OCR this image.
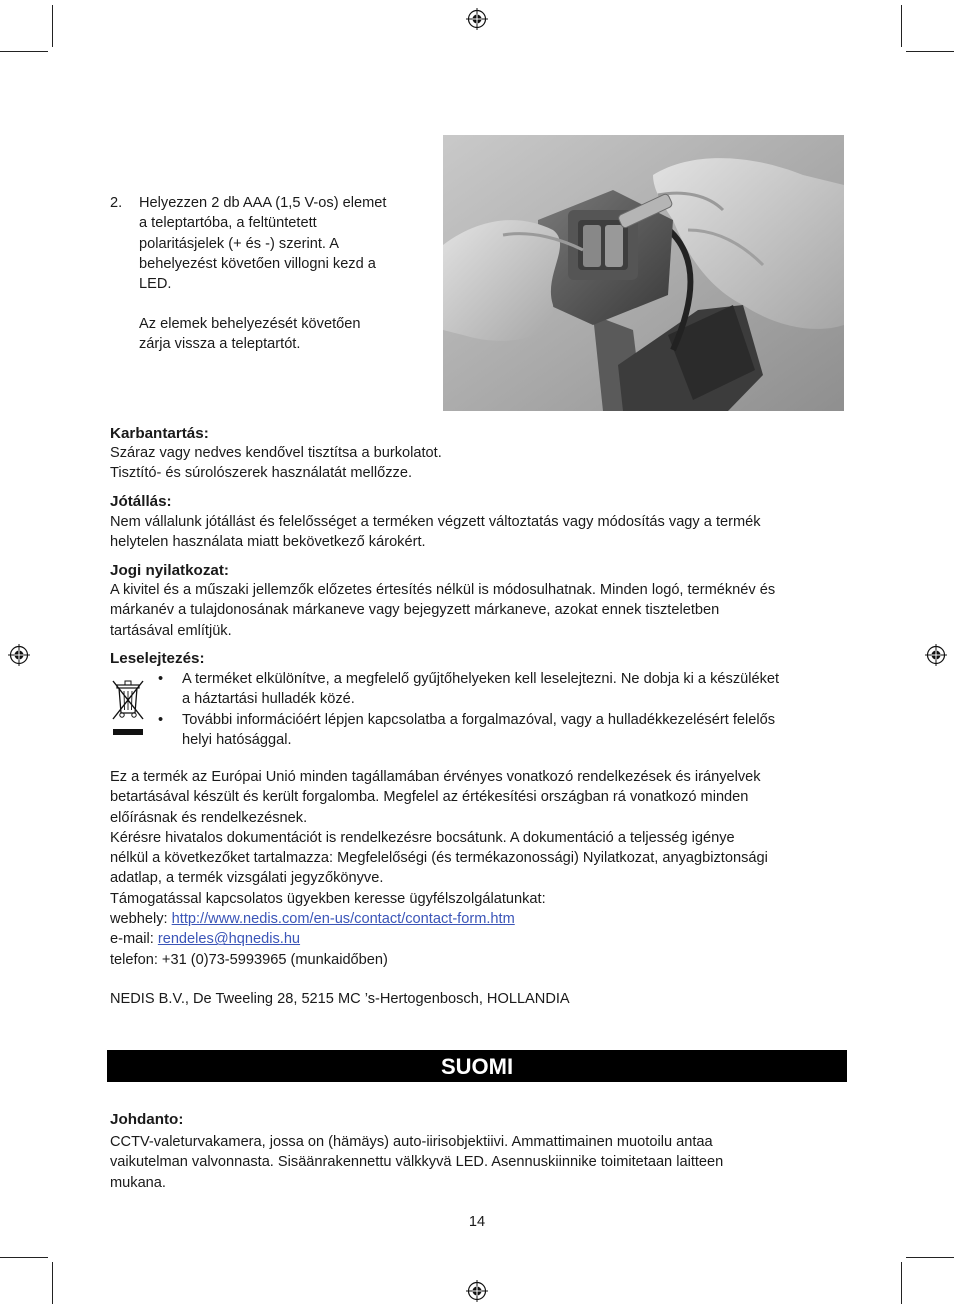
2. Helyezzen 2 db AAA (1,5 V-os) elemet
a teleptartóba, a feltüntetett
polaritásjelek (+ és -) szerint. A
behelyezést követően villogni kezd a
LED.
Az elemek behelyezését követően
zárja vissza a teleptartót.
Karbantartás:
Száraz vagy nedves kendővel tisztítsa a burkolatot.
Tisztító- és súrolószerek használatát mellőzze.
Jótállás:
Nem vállalunk jótállást és felelősséget a terméken végzett változtatás vagy módosítás vagy a termék
helytelen használata miatt bekövetkező károkért.
Jogi nyilatkozat:
A kivitel és a műszaki jellemzők előzetes értesítés nélkül is módosulhatnak. Minden logó, terméknév és
márkanév a tulajdonosának márkaneve vagy bejegyzett márkaneve, azokat ennek tiszteletben
tartásával említjük.
Leselejtezés:
• A terméket elkülönítve, a megfelelő gyűjtőhelyeken kell leselejtezni. Ne dobja ki a készüléket
a háztartási hulladék közé.
• További információért lépjen kapcsolatba a forgalmazóval, vagy a hulladékkezelésért felelős
helyi hatósággal.
Ez a termék az Európai Unió minden tagállamában érvényes vonatkozó rendelkezések és irányelvek
betartásával készült és került forgalomba. Megfelel az értékesítési országban rá vonatkozó minden
előírásnak és rendelkezésnek.
Kérésre hivatalos dokumentációt is rendelkezésre bocsátunk. A dokumentáció a teljesség igénye
nélkül a következőket tartalmazza: Megfelelőségi (és termékazonossági) Nyilatkozat, anyagbiztonsági
adatlap, a termék vizsgálati jegyzőkönyve.
Támogatással kapcsolatos ügyekben keresse ügyfélszolgálatunkat:
webhely: http://www.nedis.com/en-us/contact/contact-form.htm
e-mail: rendeles@hqnedis.hu
telefon: +31 (0)73-5993965 (munkaidőben)
NEDIS B.V., De Tweeling 28, 5215 MC ’s-Hertogenbosch, HOLLANDIA
SUOMI
Johdanto:
CCTV-valeturvakamera, jossa on (hämäys) auto-iirisobjektiivi. Ammattimainen muotoilu antaa
vaikutelman valvonnasta. Sisäänrakennettu välkkyvä LED. Asennuskiinnike toimitetaan laitteen
mukana.
14
